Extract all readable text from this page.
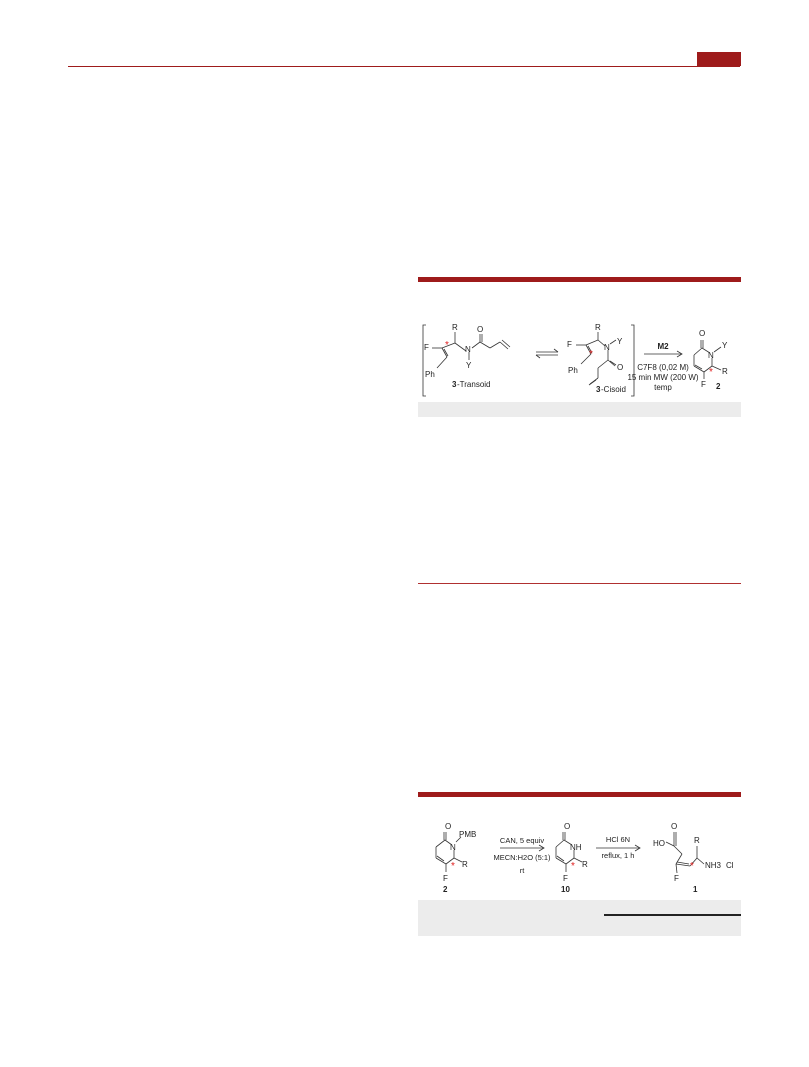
F
Ph
R
* N
Y
O
3 -Transoid
F
Ph
R
*
N
Y
O
3 -Cisoid
M2
C7F8 (0,02 M)
15 min MW (200 W)
temp
O
N
Y
R
*
F 2
O
N
PMB
R
*
F
2
CAN, 5 equiv
MECN:H2O (5:1)
rt
O
NH
R
*
F
10
HCl 6N
reflux, 1 h
O
HO	R
* NH3 Cl
F
1
